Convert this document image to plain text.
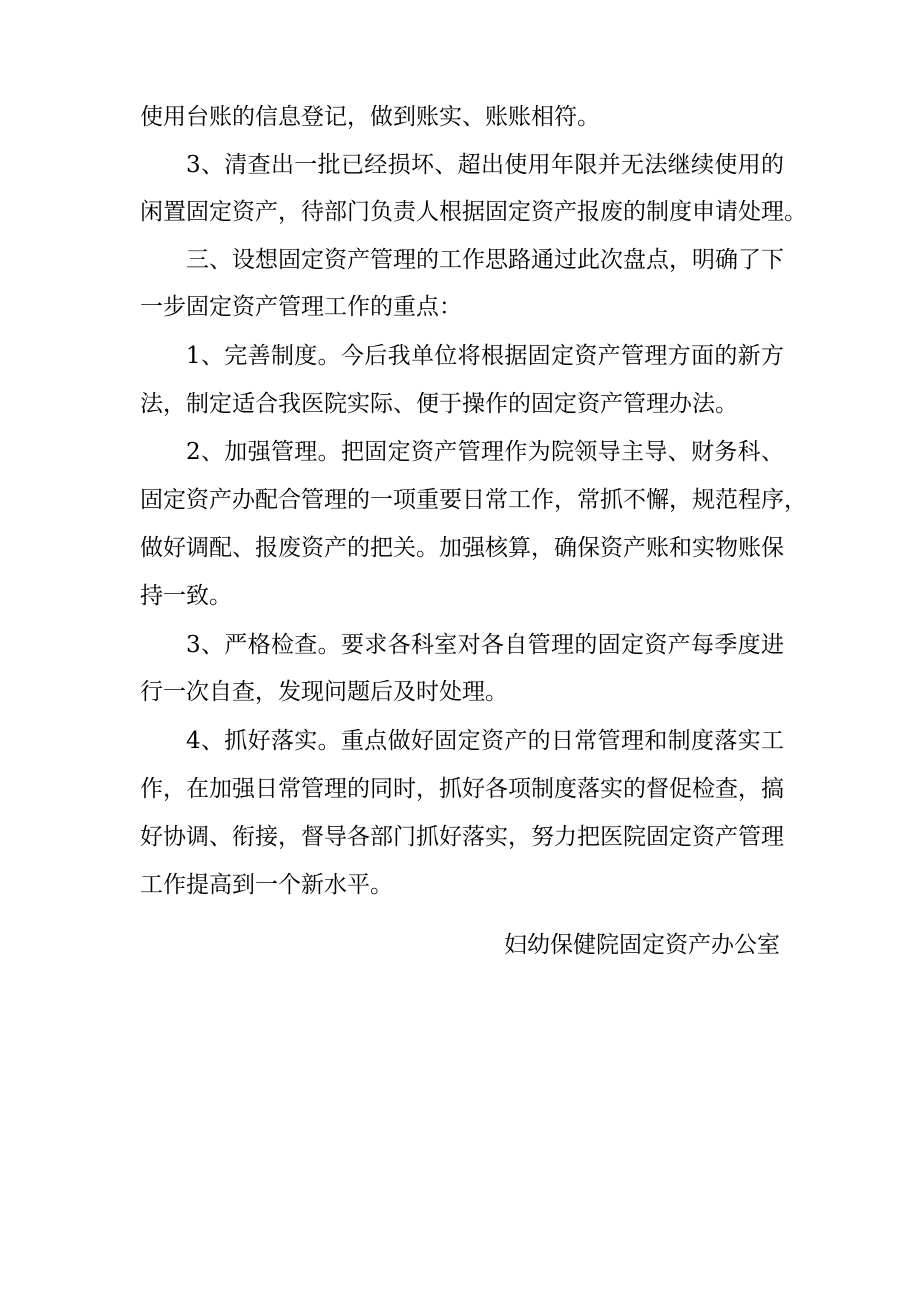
使用台账的信息登记，做到账实、账账相符。
3、清查出一批已经损坏、超出使用年限并无法继续使用的
闲置固定资产，待部门负责人根据固定资产报废的制度申请处理。
三、设想固定资产管理的工作思路通过此次盘点，明确了下
一步固定资产管理工作的重点：
1、完善制度。今后我单位将根据固定资产管理方面的新方
法，制定适合我医院实际、便于操作的固定资产管理办法。
2、加强管理。把固定资产管理作为院领导主导、财务科、
固定资产办配合管理的一项重要日常工作，常抓不懈，规范程序，
做好调配、报废资产的把关。加强核算，确保资产账和实物账保
持一致。
3、严格检查。要求各科室对各自管理的固定资产每季度进
行一次自查，发现问题后及时处理。
4、抓好落实。重点做好固定资产的日常管理和制度落实工
作，在加强日常管理的同时，抓好各项制度落实的督促检查，搞
好协调、衔接，督导各部门抓好落实，努力把医院固定资产管理
工作提高到一个新水平。
妇幼保健院固定资产办公室
